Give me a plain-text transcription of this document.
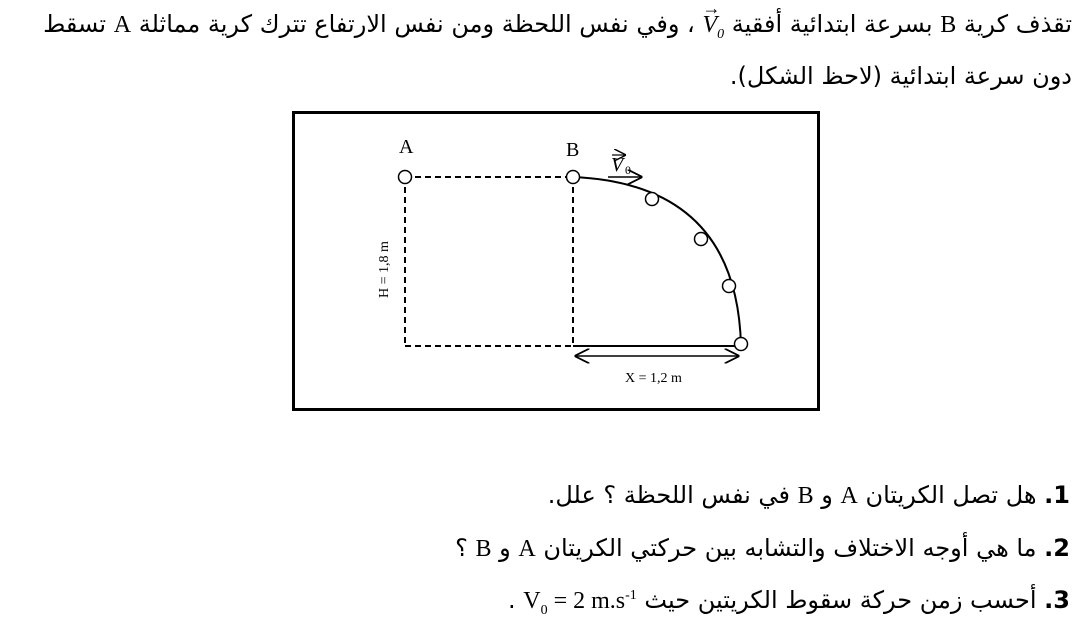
تقذف كرية B بسرعة ابتدائية أفقية
→
$V_0$ ، وفي نفس اللحظة ومن نفس الارتفاع تترك كرية مماثلة A تسقط
دون سرعة ابتدائية (لاحظ الشكل).
A	B
V 0
X = 1,2 m
H = 1,8 m
1. هل تصل الكريتان A و B في نفس اللحظة ؟ علل.
2. ما هي أوجه الاختلاف والتشابه بين حركتي الكريتان A و B ؟
3. أحسب زمن حركة سقوط الكريتين حيث $V_0 = 2$ $m.s^{-1}$ .
